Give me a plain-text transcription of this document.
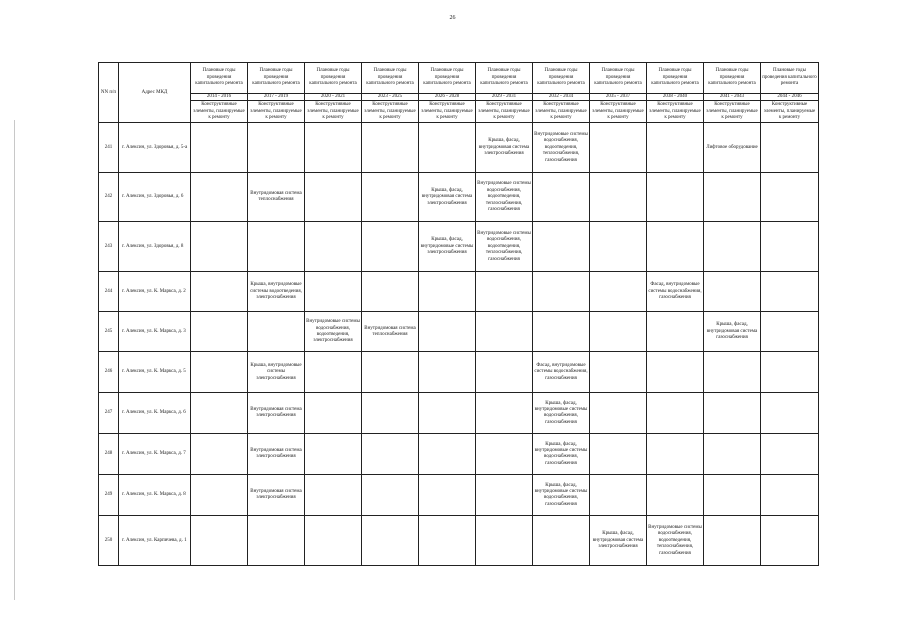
26
NN п/п	Адрес МКД	Плановые годы проведения капитального ремонта	Плановые годы проведения капитального ремонта	Плановые годы проведения капитального ремонта	Плановые годы проведения капитального ремонта	Плановые годы проведения капитального ремонта	Плановые годы проведения капитального ремонта	Плановые годы проведения капитального ремонта	Плановые годы проведения капитального ремонта	Плановые годы проведения капитального ремонта	Плановые годы проведения капитального ремонта	Плановые годы проведения капитального ремонта
		2014 - 2016	2017 - 2019	2020 - 2021	2023 - 2025	2026 - 2028	2029 - 2031	2032 - 2034	2035 - 2037	2038 - 2040	2041 - 2043	2044 - 2046
		Конструктивные элементы, планируемые к ремонту	Конструктивные элементы, планируемые к ремонту	Конструктивные элементы, планируемые к ремонту	Конструктивные элементы, планируемые к ремонту	Конструктивные элементы, планируемые к ремонту	Конструктивные элементы, планируемые к ремонту	Конструктивные элементы, планируемые к ремонту	Конструктивные элементы, планируемые к ремонту	Конструктивные элементы, планируемые к ремонту	Конструктивные элементы, планируемые к ремонту	Конструктивные элементы, планируемые к ремонту
241	г. Алексин, ул. Здоровья, д. 5-а						Крыша, фасад, внутридомовая система электроснабжения	Внутридомовые системы водоснабжения, водоотведения, теплоснабжения, газоснабжения			Лифтовое оборудование	
242	г. Алексин, ул. Здоровья, д. 6		Внутридомовая система теплоснабжения			Крыша, фасад, внутридомовая система электроснабжения	Внутридомовые системы водоснабжения, водоотведения, теплоснабжения, газоснабжения					
243	г. Алексин, ул. Здоровья, д. 8					Крыша, фасад, внутридомовые системы электроснабжения	Внутридомовые системы водоснабжения, водоотведения, теплоснабжения, газоснабжения					
244	г. Алексин, ул. К. Маркса, д. 2		Крыша, внутридомовые системы водоотведения, электроснабжения							Фасад, внутридомовые системы водоснабжения, газоснабжения		
245	г. Алексин, ул. К. Маркса, д. 3			Внутридомовые системы водоснабжения, водоотведения, электроснабжения	Внутридомовая система теплоснабжения						Крыша, фасад, внутридомовая система газоснабжения	
246	г. Алексин, ул. К. Маркса, д. 5		Крыша, внутридомовые системы электроснабжения					Фасад, внутридомовые системы водоснабжения, газоснабжения				
247	г. Алексин, ул. К. Маркса, д. 6		Внутридомовая система электроснабжения					Крыша, фасад, внутридомовые системы водоснабжения, газоснабжения				
248	г. Алексин, ул. К. Маркса, д. 7		Внутридомовая система электроснабжения					Крыша, фасад, внутридомовые системы водоснабжения, газоснабжения				
249	г. Алексин, ул. К. Маркса, д. 8		Внутридомовая система электроснабжения					Крыша, фасад, внутридомовые системы водоснабжения, газоснабжения				
250	г. Алексин, ул. Карпичева, д. 1								Крыша, фасад, внутридомовая система электроснабжения	Внутридомовые системы водоснабжения, водоотведения, теплоснабжения, газоснабжения		
